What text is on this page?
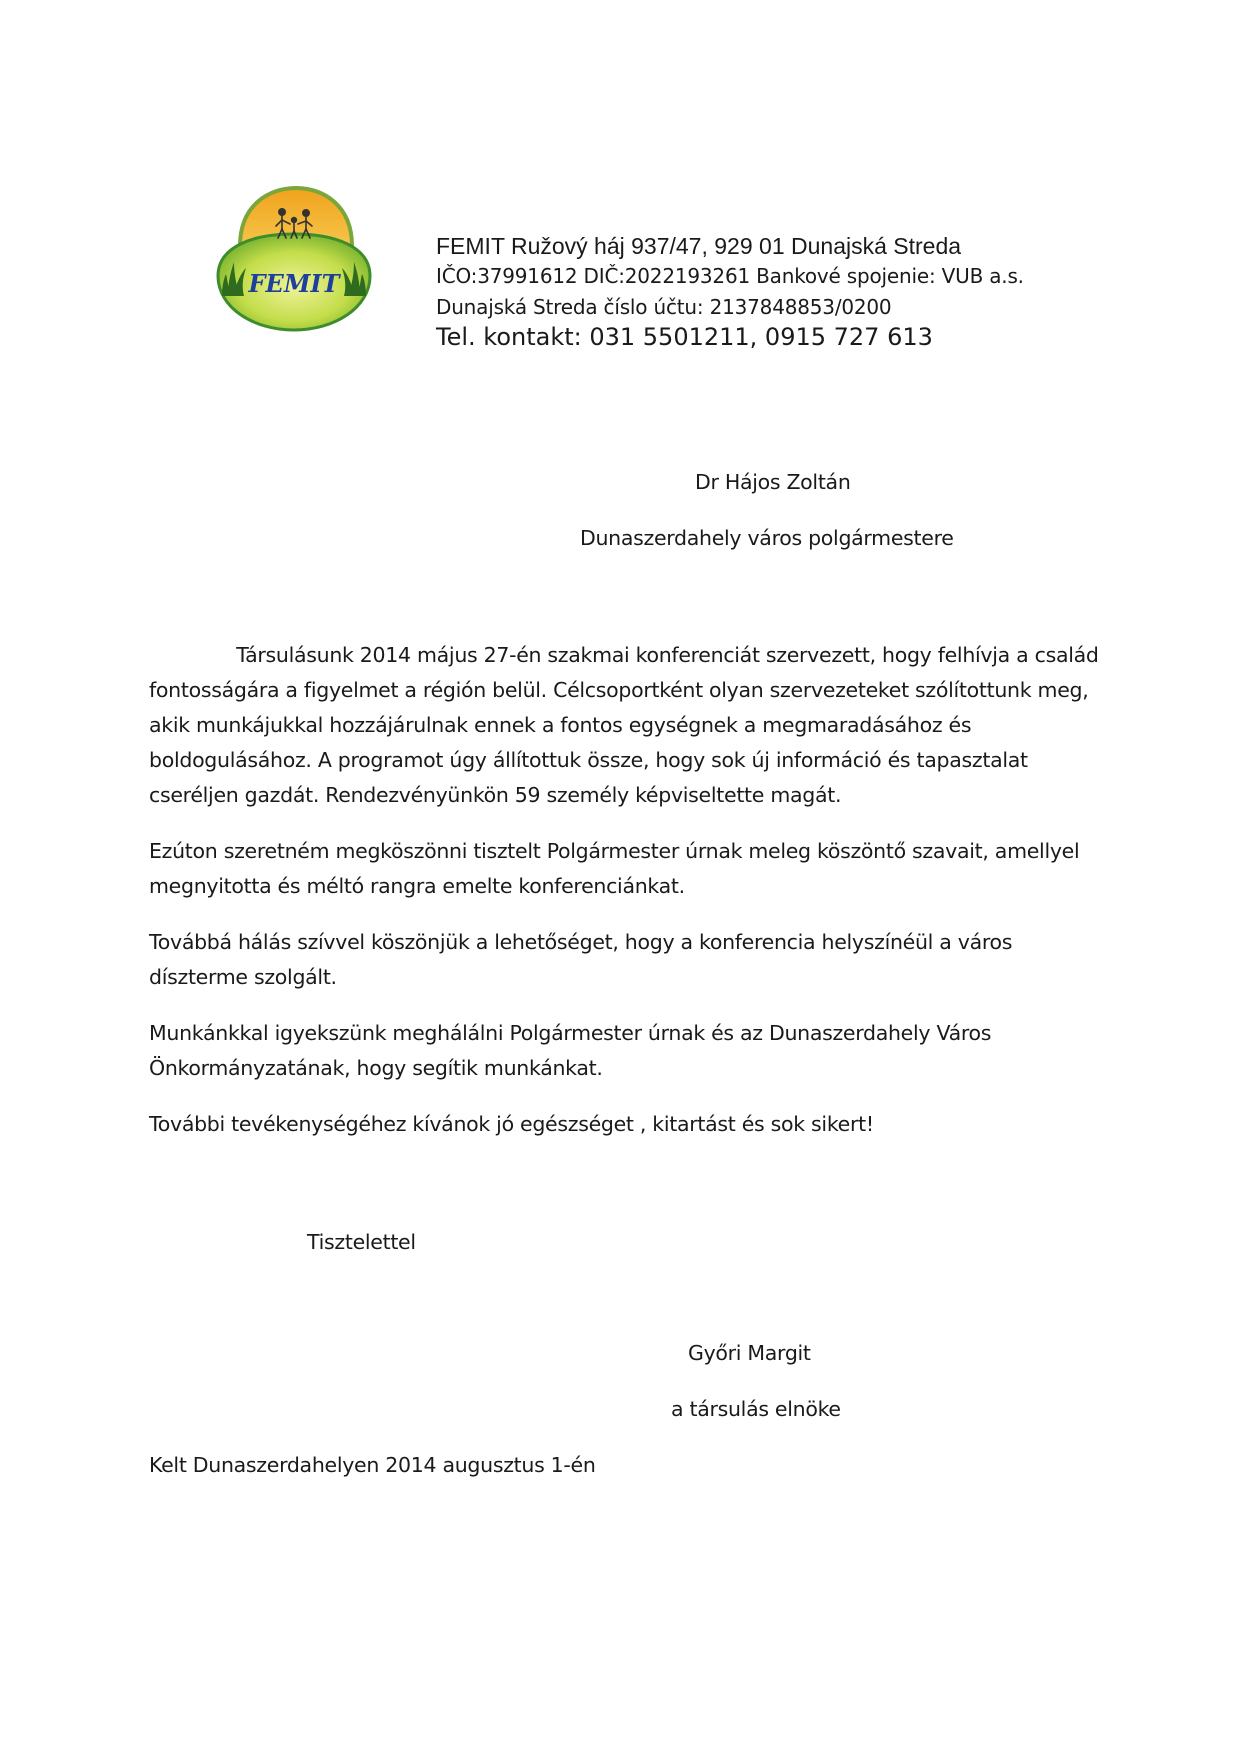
FEMIT
FEMIT Ružový háj 937/47, 929 01 Dunajská Streda
IČO:37991612 DIČ:2022193261 Bankové spojenie: VUB a.s.
Dunajská Streda číslo účtu: 2137848853/0200
Tel. kontakt: 031 5501211, 0915 727 613
Dr Hájos Zoltán
Dunaszerdahely város polgármestere

Társulásunk 2014 május 27-én szakmai konferenciát szervezett, hogy felhívja a család

fontosságára a figyelmet a régión belül. Célcsoportként olyan szervezeteket szólítottunk meg,

akik munkájukkal hozzájárulnak ennek a fontos egységnek a megmaradásához és

boldogulásához. A programot úgy állítottuk össze, hogy sok új információ és tapasztalat

cseréljen gazdát. Rendezvényünkön 59 személy képviseltette magát.

Ezúton szeretném megköszönni tisztelt Polgármester úrnak meleg köszöntő szavait, amellyel

megnyitotta és méltó rangra emelte konferenciánkat.

Továbbá hálás szívvel köszönjük a lehetőséget, hogy a konferencia helyszínéül a város

díszterme szolgált.

Munkánkkal igyekszünk meghálálni Polgármester úrnak és az Dunaszerdahely Város

Önkormányzatának, hogy segítik munkánkat.

További tevékenységéhez kívánok jó egészséget , kitartást és sok sikert!

Tisztelettel
Győri Margit
a társulás elnöke
Kelt Dunaszerdahelyen 2014 augusztus 1-én
